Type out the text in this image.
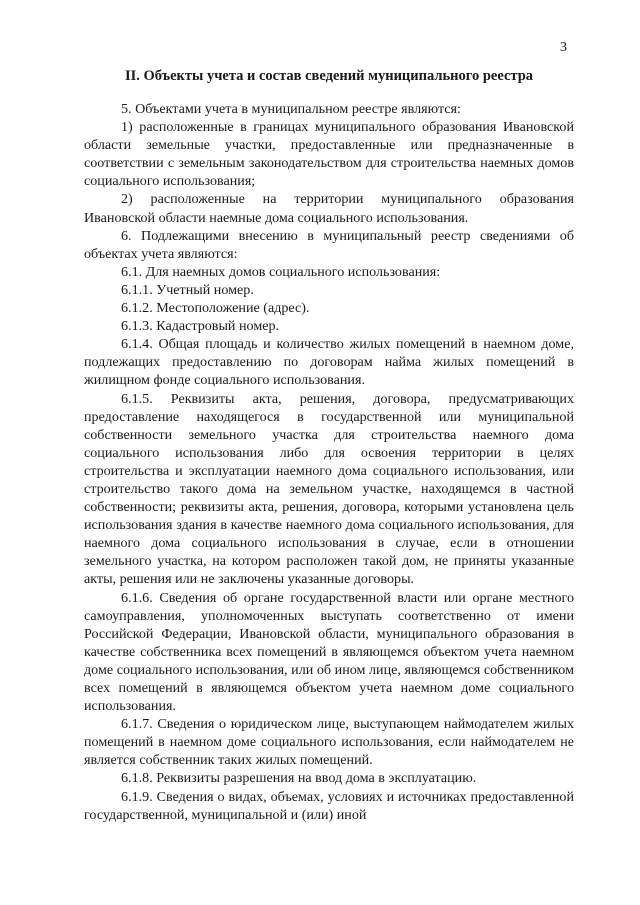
3
II. Объекты учета и состав сведений муниципального реестра

5. Объектами учета в муниципальном реестре являются:

1) расположенные в границах муниципального образования Ивановской области земельные участки, предоставленные или предназначенные в соответствии с земельным законодательством для строительства наемных домов социального использования;

2) расположенные на территории муниципального образования Ивановской области наемные дома социального использования.

6. Подлежащими внесению в муниципальный реестр сведениями об объектах учета являются:

6.1. Для наемных домов социального использования:

6.1.1. Учетный номер.

6.1.2. Местоположение (адрес).

6.1.3. Кадастровый номер.

6.1.4. Общая площадь и количество жилых помещений в наемном доме, подлежащих предоставлению по договорам найма жилых помещений в жилищном фонде социального использования.

6.1.5. Реквизиты акта, решения, договора, предусматривающих предоставление находящегося в государственной или муниципальной собственности земельного участка для строительства наемного дома социального использования либо для освоения территории в целях строительства и эксплуатации наемного дома социального использования, или строительство такого дома на земельном участке, находящемся в частной собственности; реквизиты акта, решения, договора, которыми установлена цель использования здания в качестве наемного дома социального использования, для наемного дома социального использования в случае, если в отношении земельного участка, на котором расположен такой дом, не приняты указанные акты, решения или не заключены указанные договоры.

6.1.6. Сведения об органе государственной власти или органе местного самоуправления, уполномоченных выступать соответственно от имени Российской Федерации, Ивановской области, муниципального образования в качестве собственника всех помещений в являющемся объектом учета наемном доме социального использования, или об ином лице, являющемся собственником всех помещений в являющемся объектом учета наемном доме социального использования.

6.1.7. Сведения о юридическом лице, выступающем наймодателем жилых помещений в наемном доме социального использования, если наймодателем не является собственник таких жилых помещений.

6.1.8. Реквизиты разрешения на ввод дома в эксплуатацию.

6.1.9. Сведения о видах, объемах, условиях и источниках предоставленной государственной, муниципальной и (или) иной
